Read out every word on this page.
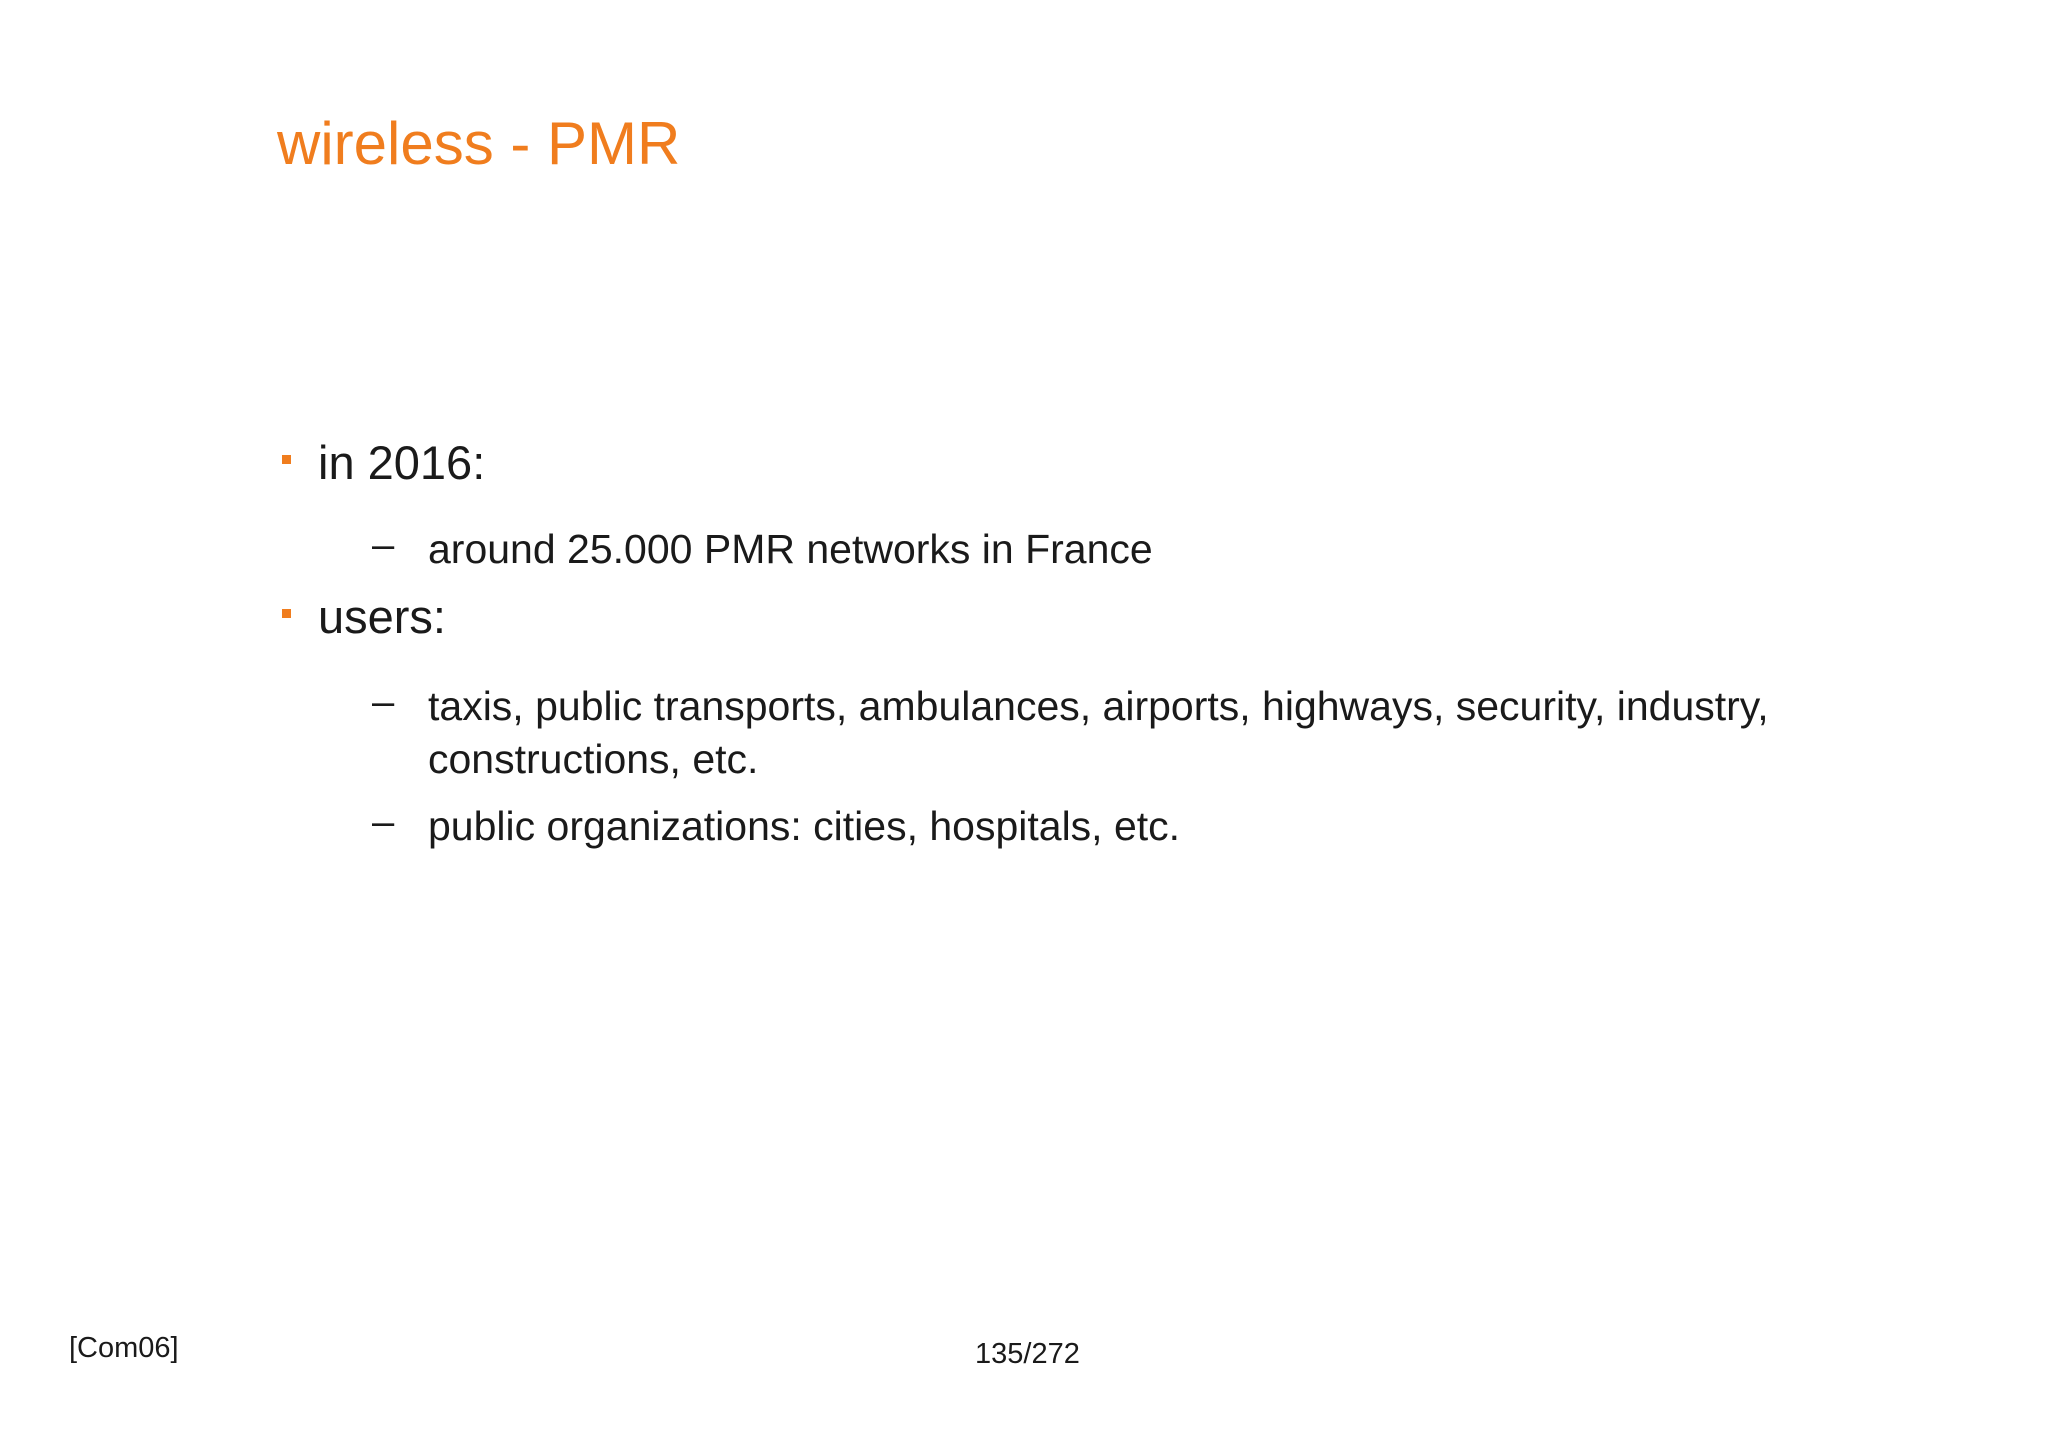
wireless - PMR
in 2016:
– around 25.000 PMR networks in France
users:
– taxis, public transports, ambulances, airports, highways, security, industry, constructions, etc.
– public organizations: cities, hospitals, etc.
[Com06]	135/272
